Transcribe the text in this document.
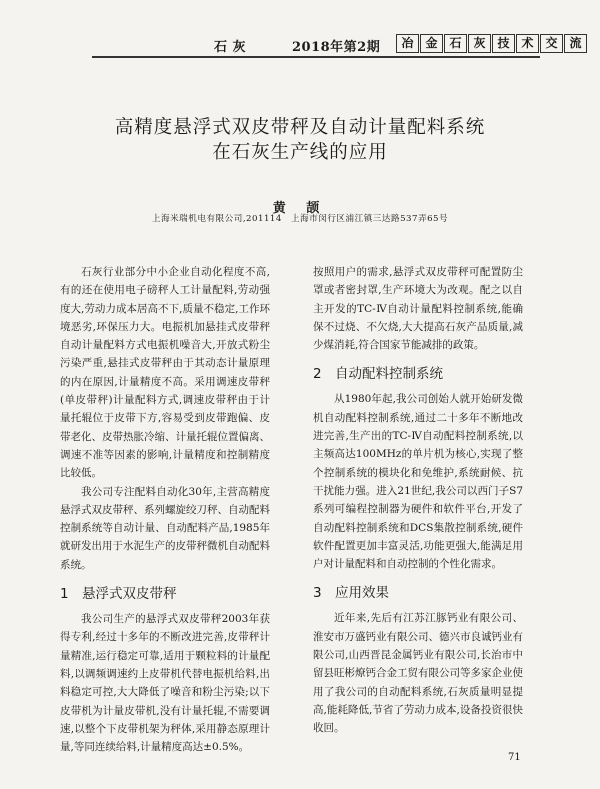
石 灰	2018年第2期	冶 金 石 灰 技 术 交 流
高精度悬浮式双皮带秤及自动计量配料系统
在石灰生产线的应用
黄 颉
上海米瑞机电有限公司,201114　上海市闵行区浦江镇三达路537弄65号

石灰行业部分中小企业自动化程度不高,有的还在使用电子磅秤人工计量配料,劳动强度大,劳动力成本居高不下,质量不稳定,工作环境恶劣,环保压力大。电振机加悬挂式皮带秤自动计量配料方式电振机噪音大,开放式粉尘污染严重,悬挂式皮带秤由于其动态计量原理的内在原因,计量精度不高。采用调速皮带秤(单皮带秤)计量配料方式,调速皮带秤由于计量托辊位于皮带下方,容易受到皮带跑偏、皮带老化、皮带热胀冷缩、计量托辊位置偏离、调速不准等因素的影响,计量精度和控制精度比较低。

我公司专注配料自动化30年,主营高精度悬浮式双皮带秤、系列螺旋绞刀秤、自动配料控制系统等自动计量、自动配料产品,1985年就研发出用于水泥生产的皮带秤微机自动配料系统。

1 悬浮式双皮带秤

我公司生产的悬浮式双皮带秤2003年获得专利,经过十多年的不断改进完善,皮带秤计量精准,运行稳定可靠,适用于颗粒料的计量配料,以调频调速约上皮带机代替电振机给料,出料稳定可控,大大降低了噪音和粉尘污染;以下皮带机为计量皮带机,没有计量托辊,不需要调速,以整个下皮带机架为秤体,采用静态原理计量,等同连续给料,计量精度高达±0.5%。

按照用户的需求,悬浮式双皮带秤可配置防尘罩或者密封罩,生产环境大为改观。配之以自主开发的TC-Ⅳ自动计量配料控制系统,能确保不过烧、不欠烧,大大提高石灰产品质量,减少煤消耗,符合国家节能减排的政策。

2 自动配料控制系统

从1980年起,我公司创始人就开始研发微机自动配料控制系统,通过二十多年不断地改进完善,生产出的TC-Ⅳ自动配料控制系统,以主频高达100MHz的单片机为核心,实现了整个控制系统的模块化和免维护,系统耐候、抗干扰能力强。进入21世纪,我公司以西门子S7系列可编程控制器为硬件和软件平台,开发了自动配料控制系统和DCS集散控制系统,硬件软件配置更加丰富灵活,功能更强大,能满足用户对计量配料和自动控制的个性化需求。

3 应用效果

近年来,先后有江苏江豚钙业有限公司、淮安市万盛钙业有限公司、德兴市良诚钙业有限公司,山西晋昆金属钙业有限公司,长治市中留县旺彬燎钙合金工贸有限公司等多家企业使用了我公司的自动配料系统,石灰质量明显提高,能耗降低,节省了劳动力成本,设备投资很快收回。

71
